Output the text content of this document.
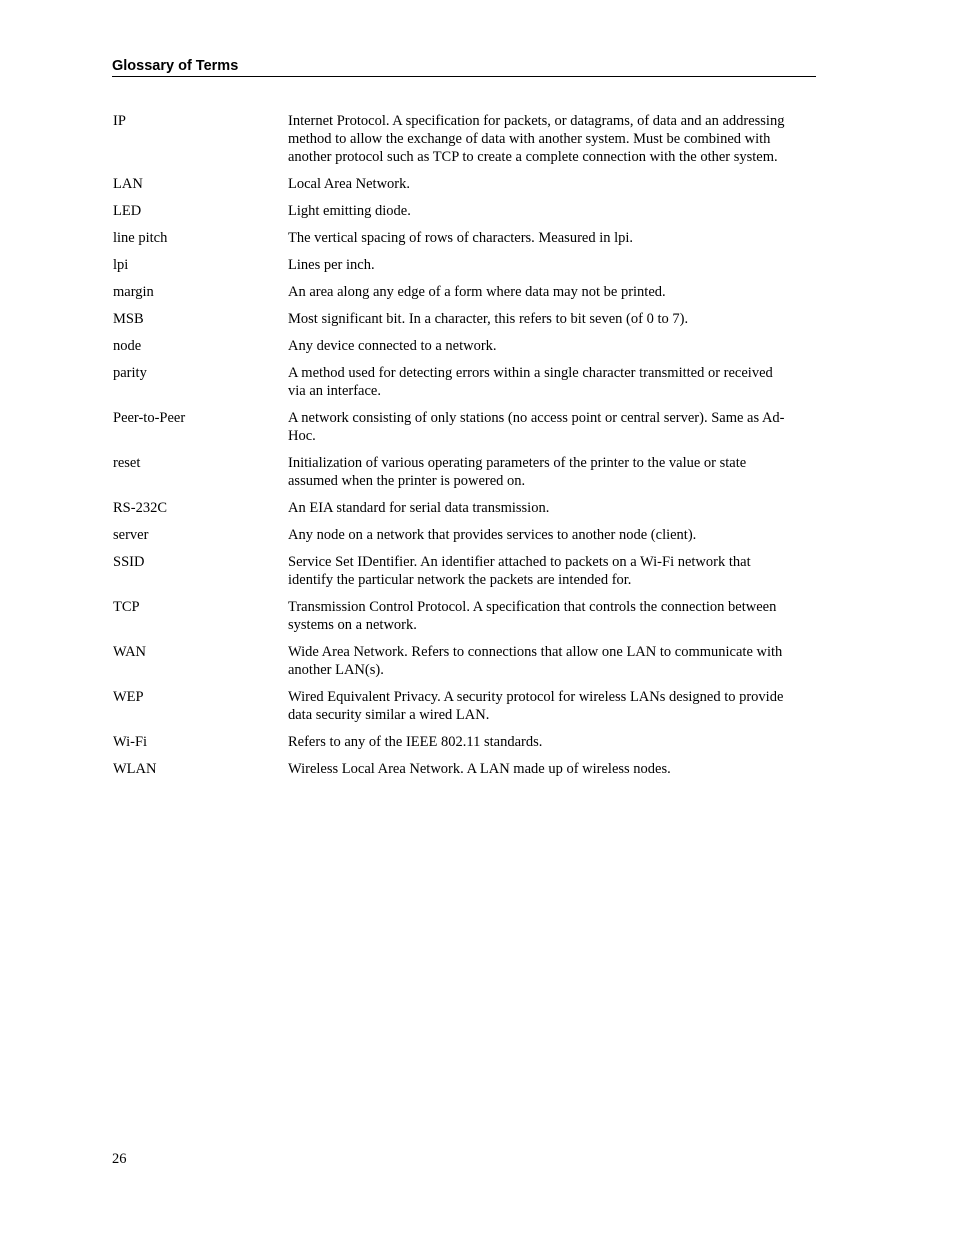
Glossary of Terms
IP	Internet Protocol. A specification for packets, or datagrams, of data and an addressing method to allow the exchange of data with another system. Must be combined with another protocol such as TCP to create a complete connection with the other system.
LAN	Local Area Network.
LED	Light emitting diode.
line pitch	The vertical spacing of rows of characters. Measured in lpi.
lpi	Lines per inch.
margin	An area along any edge of a form where data may not be printed.
MSB	Most significant bit. In a character, this refers to bit seven (of 0 to 7).
node	Any device connected to a network.
parity	A method used for detecting errors within a single character transmitted or received via an interface.
Peer-to-Peer	A network consisting of only stations (no access point or central server). Same as Ad-Hoc.
reset	Initialization of various operating parameters of the printer to the value or state assumed when the printer is powered on.
RS-232C	An EIA standard for serial data transmission.
server	Any node on a network that provides services to another node (client).
SSID	Service Set IDentifier. An identifier attached to packets on a Wi-Fi network that identify the particular network the packets are intended for.
TCP	Transmission Control Protocol. A specification that controls the connection between systems on a network.
WAN	Wide Area Network. Refers to connections that allow one LAN to communicate with another LAN(s).
WEP	Wired Equivalent Privacy. A security protocol for wireless LANs designed to provide data security similar a wired LAN.
Wi-Fi	Refers to any of the IEEE 802.11 standards.
WLAN	Wireless Local Area Network. A LAN made up of wireless nodes.
26
